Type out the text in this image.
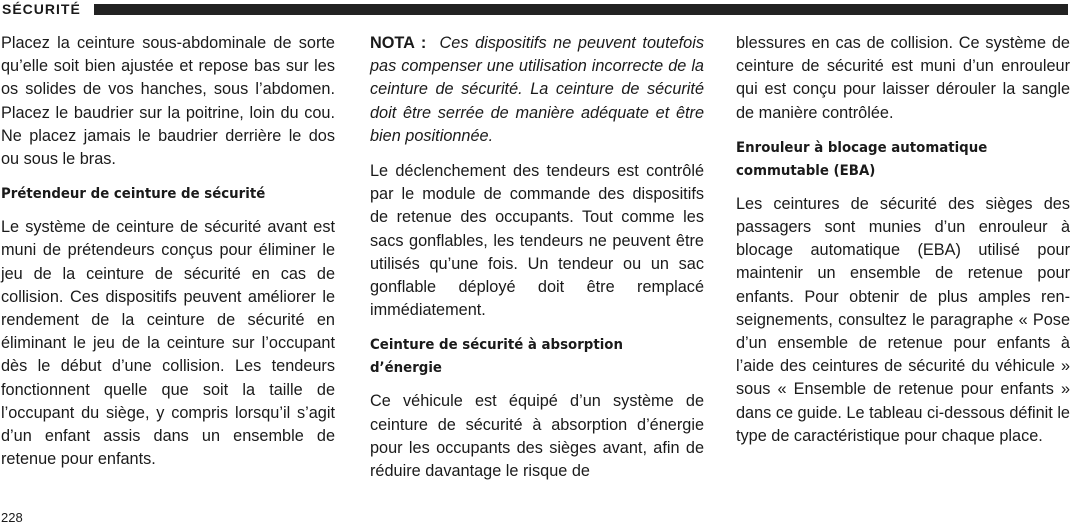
SÉCURITÉ

Placez la ceinture sous-abdominale de sorte qu’elle soit bien ajustée et repose bas sur les os solides de vos hanches, sous l’abdomen. Placez le baudrier sur la poitrine, loin du cou. Ne placez jamais le baudrier derrière le dos ou sous le bras.

Prétendeur de ceinture de sécurité

Le système de ceinture de sécurité avant est muni de prétendeurs conçus pour éliminer le jeu de la ceinture de sécurité en cas de collision. Ces dispositifs peuvent améliorer le rendement de la ceinture de sécurité en éliminant le jeu de la ceinture sur l’occupant dès le début d’une collision. Les tendeurs fonctionnent quelle que soit la taille de l’occupant du siège, y compris lorsqu’il s’agit d’un enfant assis dans un ensemble de retenue pour enfants.

NOTA : Ces dispositifs ne peuvent toutefois pas compenser une utilisation incorrecte de la ceinture de sécurité. La ceinture de sécurité doit être serrée de manière adéquate et être bien positionnée.

Le déclenchement des tendeurs est contrôlé par le module de commande des dispositifs de retenue des occupants. Tout comme les sacs gonflables, les tendeurs ne peuvent être utilisés qu’une fois. Un tendeur ou un sac gonflable déployé doit être remplacé immédiatement.

Ceinture de sécurité à absorption
d’énergie

Ce véhicule est équipé d’un système de ceinture de sécurité à absorption d’énergie pour les occupants des sièges avant, afin de réduire davantage le risque de

blessures en cas de collision. Ce système de ceinture de sécurité est muni d’un enrouleur qui est conçu pour laisser dérouler la sangle de manière contrôlée.

Enrouleur à blocage automatique
commutable (EBA)

Les ceintures de sécurité des sièges des passagers sont munies d’un enrouleur à blocage automatique (EBA) utilisé pour maintenir un ensemble de retenue pour enfants. Pour obtenir de plus amples renseignements, consultez le paragraphe « Pose d’un ensemble de retenue pour enfants à l’aide des ceintures de sécurité du véhicule » sous « Ensemble de retenue pour enfants » dans ce guide. Le tableau ci-dessous définit le type de caractéristique pour chaque place.

228
